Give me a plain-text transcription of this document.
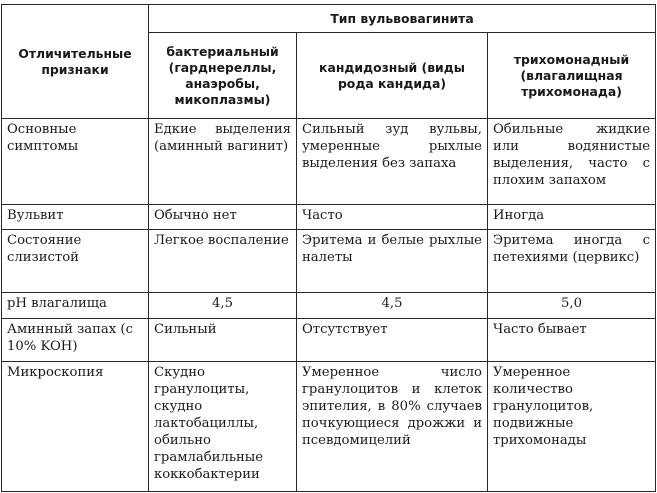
Отличительные признаки	Тип вульвовагинита		
	бактериальный (гарднереллы, анаэробы, микоплазмы)	кандидозный (виды рода кандида)	трихомонадный (влагалищная трихомонада)
Основные симптомы	Едкие выделения (аминный вагинит)	Сильный зуд вульвы, умеренные рыхлые выделения без запаха	Обильные жидкие или водянистые выделения, часто с плохим запахом
Вульвит	Обычно нет	Часто	Иногда
Состояние слизистой	Легкое воспаление	Эритема и белые рыхлые налеты	Эритема иногда с петехиями (цервикс)
pH влагалища	4,5	4,5	5,0
Аминный запах (с 10% KOH)	Сильный	Отсутствует	Часто бывает
Микроскопия	Скудно гранулоциты, скудно лактобациллы, обильно грамлабильные коккобактерии	Умеренное число гранулоцитов и клеток эпителия, в 80% случаев почкующиеся дрожжи и псевдомицелий	Умеренное количество гранулоцитов, подвижные трихомонады
